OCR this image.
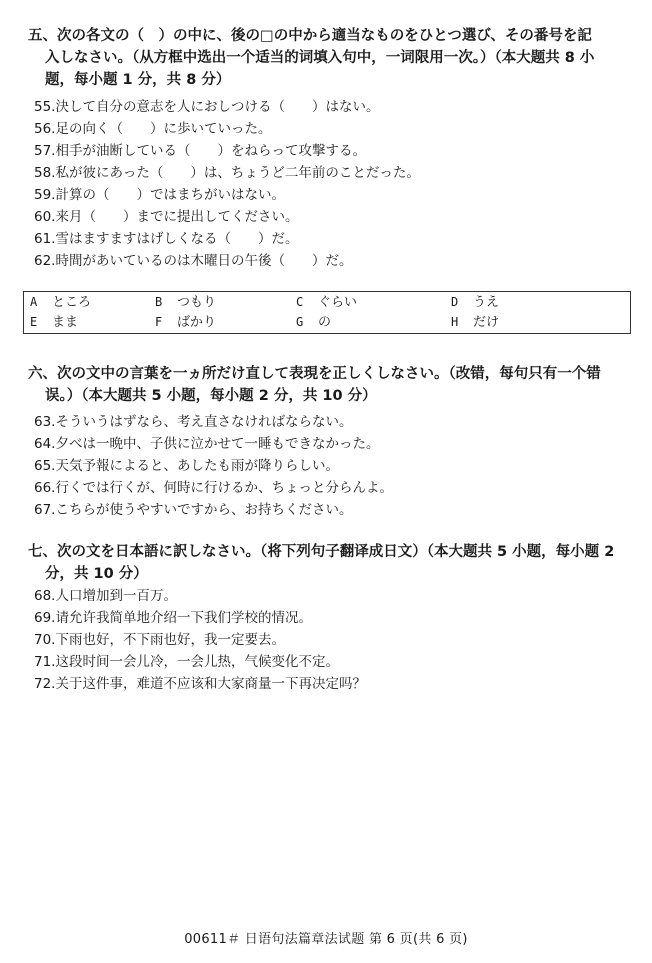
五、次の各文の（　）の中に、後の□の中から適当なものをひとつ選び、その番号を記
入しなさい。（从方框中选出一个适当的词填入句中，一词限用一次。）（本大题共 8 小
题，每小题 1 分，共 8 分）
55.決して自分の意志を人におしつける（　　）はない。
56.足の向く（　　）に歩いていった。
57.相手が油断している（　　）をねらって攻撃する。
58.私が彼にあった（　　）は、ちょうど二年前のことだった。
59.計算の（　　）ではまちがいはない。
60.来月（　　）までに提出してください。
61.雪はますますはげしくなる（　　）だ。
62.時間があいているのは木曜日の午後（　　）だ。
A ところ	B つもり	C ぐらい	D うえ
E まま	F ばかり	G の	H だけ
六、次の文中の言葉を一ヵ所だけ直して表現を正しくしなさい。（改错，每句只有一个错
误。）（本大题共 5 小题，每小题 2 分，共 10 分）
63.そういうはずなら、考え直さなければならない。
64.夕べは一晩中、子供に泣かせて一睡もできなかった。
65.天気予報によると、あしたも雨が降りらしい。
66.行くでは行くが、何時に行けるか、ちょっと分らんよ。
67.こちらが使うやすいですから、お持ちください。
七、次の文を日本語に訳しなさい。（将下列句子翻译成日文）（本大题共 5 小题，每小题 2
分，共 10 分）
68.人口增加到一百万。
69.请允许我简单地介绍一下我们学校的情况。
70.下雨也好，不下雨也好，我一定要去。
71.这段时间一会儿冷，一会儿热，气候变化不定。
72.关于这件事，难道不应该和大家商量一下再决定吗？
00611＃ 日语句法篇章法试题 第 6 页(共 6 页)
